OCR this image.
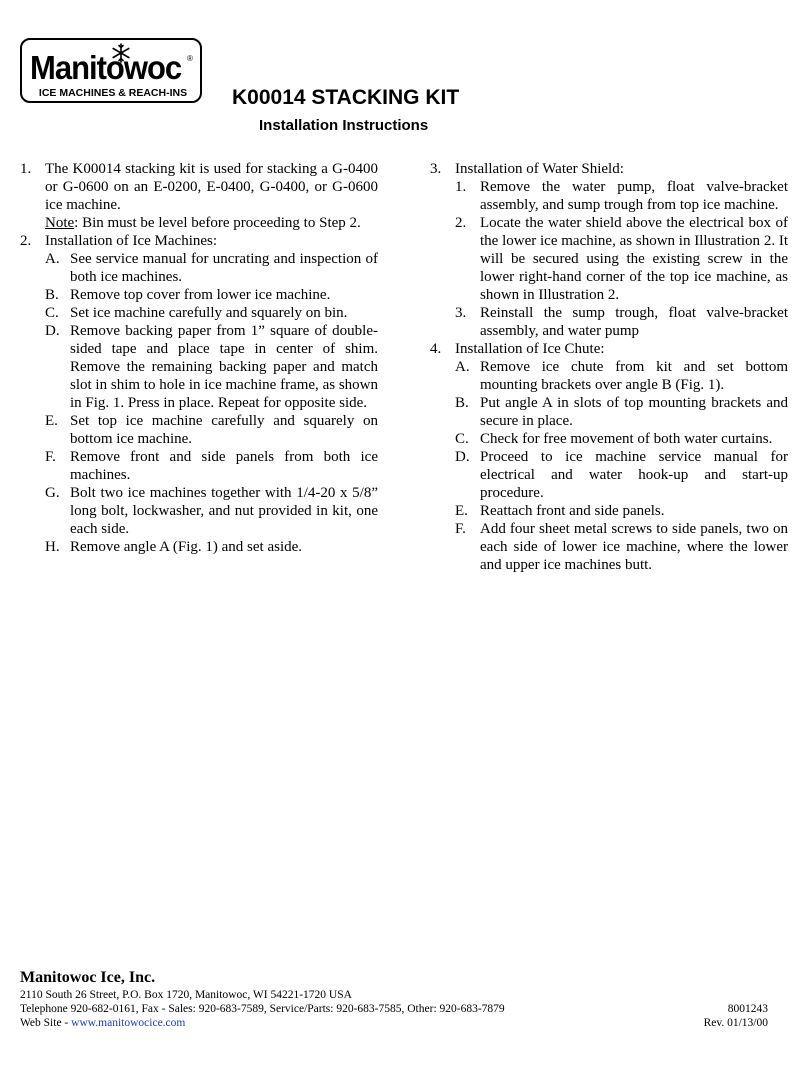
Manitowoc ®
ICE MACHINES & REACH-INS	K00014 STACKING KIT
Installation Instructions
1. The K00014 stacking kit is used for stacking a G-0400 or G-0600 on an E-0200, E-0400, G-0400, or G-0600 ice machine.
Note: Bin must be level before proceeding to Step 2.
2. Installation of Ice Machines:
A. See service manual for uncrating and inspection of both ice machines.
B. Remove top cover from lower ice machine.
C. Set ice machine carefully and squarely on bin.
D. Remove backing paper from 1” square of double-sided tape and place tape in center of shim. Remove the remaining backing paper and match slot in shim to hole in ice machine frame, as shown in Fig. 1. Press in place. Repeat for opposite side.
E. Set top ice machine carefully and squarely on bottom ice machine.
F. Remove front and side panels from both ice machines.
G. Bolt two ice machines together with 1/4-20 x 5/8” long bolt, lockwasher, and nut provided in kit, one each side.
H. Remove angle A (Fig. 1) and set aside.
3. Installation of Water Shield:
1. Remove the water pump, float valve-bracket assembly, and sump trough from top ice machine.
2. Locate the water shield above the electrical box of the lower ice machine, as shown in Illustration 2. It will be secured using the existing screw in the lower right-hand corner of the top ice machine, as shown in Illustration 2.
3. Reinstall the sump trough, float valve-bracket assembly, and water pump
4. Installation of Ice Chute:
A. Remove ice chute from kit and set bottom mounting brackets over angle B (Fig. 1).
B. Put angle A in slots of top mounting brackets and secure in place.
C. Check for free movement of both water curtains.
D. Proceed to ice machine service manual for electrical and water hook-up and start-up procedure.
E. Reattach front and side panels.
F. Add four sheet metal screws to side panels, two on each side of lower ice machine, where the lower and upper ice machines butt.
Manitowoc Ice, Inc.
2110 South 26 Street, P.O. Box 1720, Manitowoc, WI 54221-1720 USA
Telephone 920-682-0161, Fax - Sales: 920-683-7589, Service/Parts: 920-683-7585, Other: 920-683-7879	8001243
Web Site - www.manitowocice.com	Rev. 01/13/00
